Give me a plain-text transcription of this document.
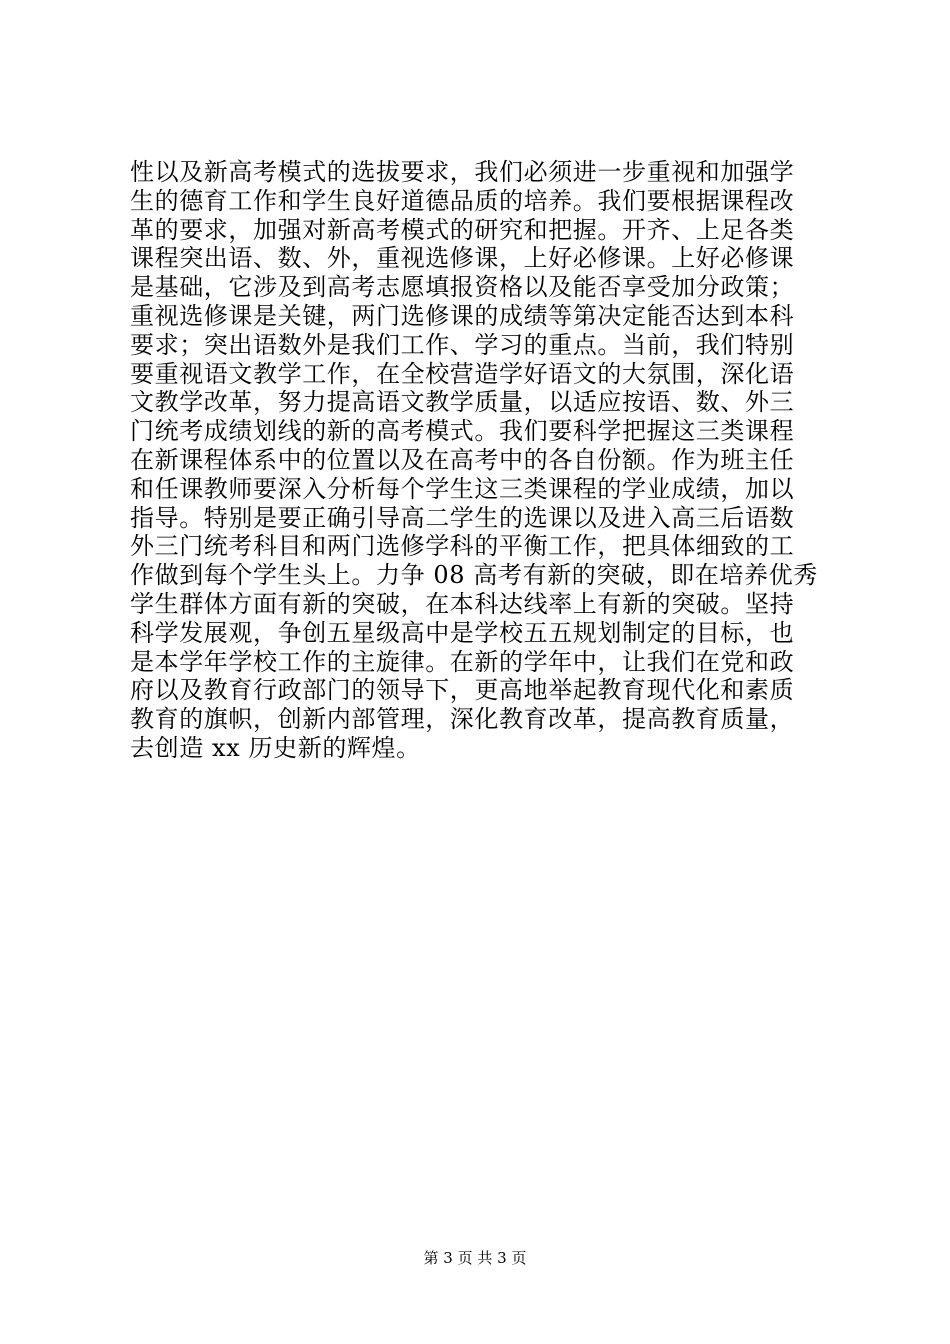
性以及新高考模式的选拔要求，我们必须进一步重视和加强学
生的德育工作和学生良好道德品质的培养。我们要根据课程改
革的要求，加强对新高考模式的研究和把握。开齐、上足各类
课程突出语、数、外，重视选修课，上好必修课。上好必修课
是基础，它涉及到高考志愿填报资格以及能否享受加分政策；
重视选修课是关键，两门选修课的成绩等第决定能否达到本科
要求；突出语数外是我们工作、学习的重点。当前，我们特别
要重视语文教学工作，在全校营造学好语文的大氛围，深化语
文教学改革，努力提高语文教学质量，以适应按语、数、外三
门统考成绩划线的新的高考模式。我们要科学把握这三类课程
在新课程体系中的位置以及在高考中的各自份额。作为班主任
和任课教师要深入分析每个学生这三类课程的学业成绩，加以
指导。特别是要正确引导高二学生的选课以及进入高三后语数
外三门统考科目和两门选修学科的平衡工作，把具体细致的工
作做到每个学生头上。力争 08 高考有新的突破，即在培养优秀
学生群体方面有新的突破，在本科达线率上有新的突破。坚持
科学发展观，争创五星级高中是学校五五规划制定的目标，也
是本学年学校工作的主旋律。在新的学年中，让我们在党和政
府以及教育行政部门的领导下，更高地举起教育现代化和素质
教育的旗帜，创新内部管理，深化教育改革，提高教育质量，
去创造 xx 历史新的辉煌。
第 3 页 共 3 页
